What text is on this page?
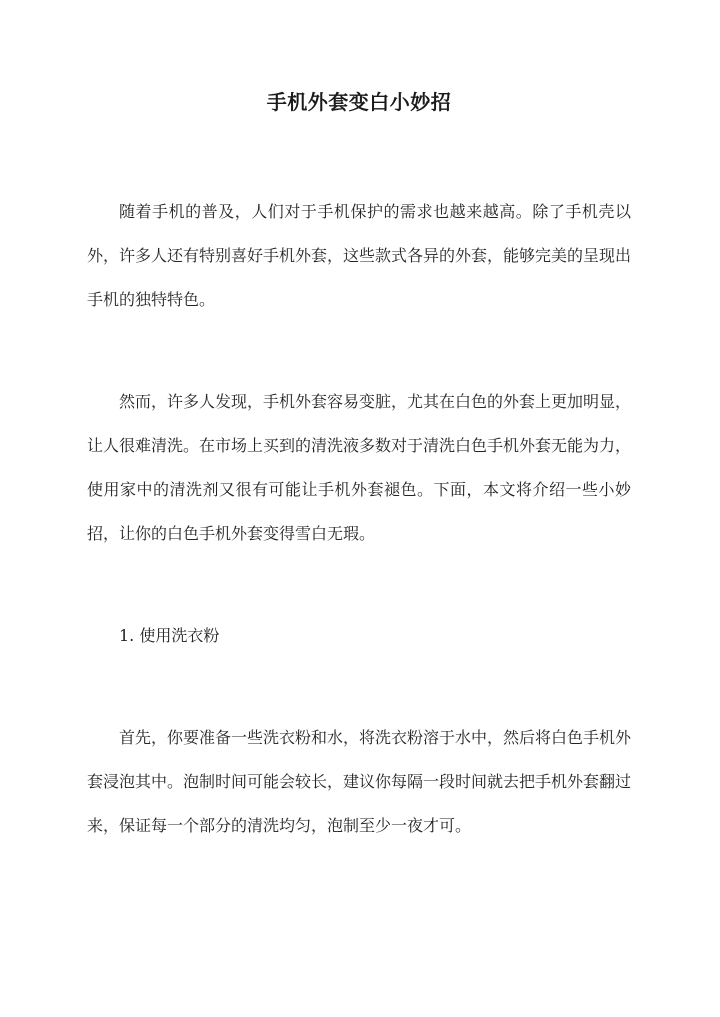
手机外套变白小妙招

随着手机的普及，人们对于手机保护的需求也越来越高。除了手机壳以外，许多人还有特别喜好手机外套，这些款式各异的外套，能够完美的呈现出手机的独特特色。

然而，许多人发现，手机外套容易变脏，尤其在白色的外套上更加明显，让人很难清洗。在市场上买到的清洗液多数对于清洗白色手机外套无能为力，使用家中的清洗剂又很有可能让手机外套褪色。下面，本文将介绍一些小妙招，让你的白色手机外套变得雪白无瑕。

1. 使用洗衣粉

首先，你要准备一些洗衣粉和水，将洗衣粉溶于水中，然后将白色手机外套浸泡其中。泡制时间可能会较长，建议你每隔一段时间就去把手机外套翻过来，保证每一个部分的清洗均匀，泡制至少一夜才可。
